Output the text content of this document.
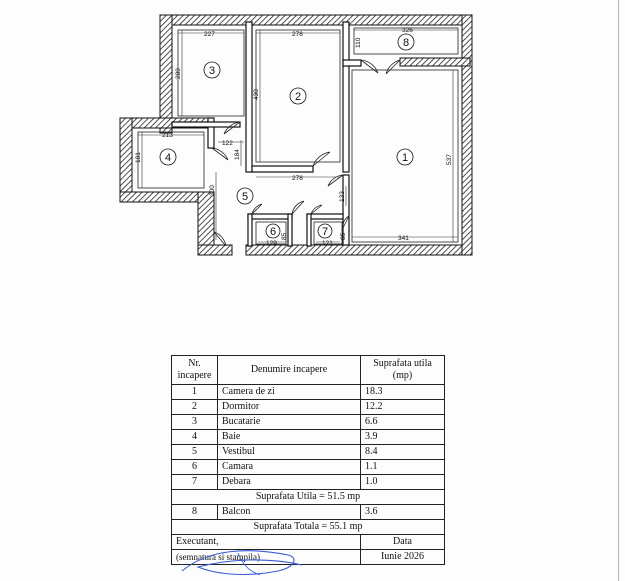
227	278
326
289
430
110
537
213
181
122
184
300
278
133
341
129	121
85	85
1
2
3
4
5
6	7
8
Nr. incapere	Denumire incapere	Suprafata utila (mp)
1	Camera de zi	18.3
2	Dormitor	12.2
3	Bucatarie	6.6
4	Baie	3.9
5	Vestibul	8.4
6	Camara	1.1
7	Debara	1.0
Suprafata Utila = 51.5 mp		
8	Balcon	3.6
Suprafata Totala = 55.1 mp		
Executant,		Data
(semnatura si stampila)		Iunie 2026
